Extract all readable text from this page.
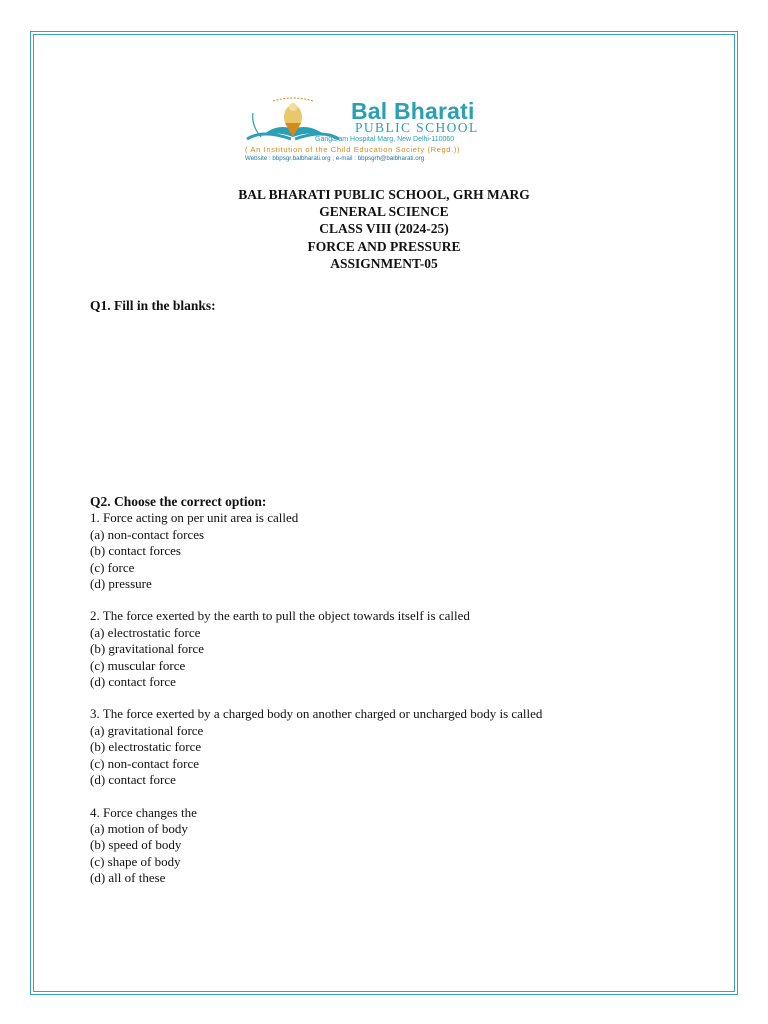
Bal Bharati
PUBLIC SCHOOL
Gangaram Hospital Marg, New Delhi-110060
( An Institution of the Child Education Society (Regd.))
Website : bbpsgr.balbharati.org ; e-mail : bbpsgrh@balbharati.org
BAL BHARATI PUBLIC SCHOOL, GRH MARG
GENERAL SCIENCE
CLASS VIII (2024-25)
FORCE AND PRESSURE
ASSIGNMENT-05
Q1. Fill in the blanks:
Q2. Choose the correct option:
1. Force acting on per unit area is called
(a) non-contact forces
(b) contact forces
(c) force
(d) pressure
2. The force exerted by the earth to pull the object towards itself is called
(a) electrostatic force
(b) gravitational force
(c) muscular force
(d) contact force
3. The force exerted by a charged body on another charged or uncharged body is called
(a) gravitational force
(b) electrostatic force
(c) non-contact force
(d) contact force
4. Force changes the
(a) motion of body
(b) speed of body
(c) shape of body
(d) all of these
